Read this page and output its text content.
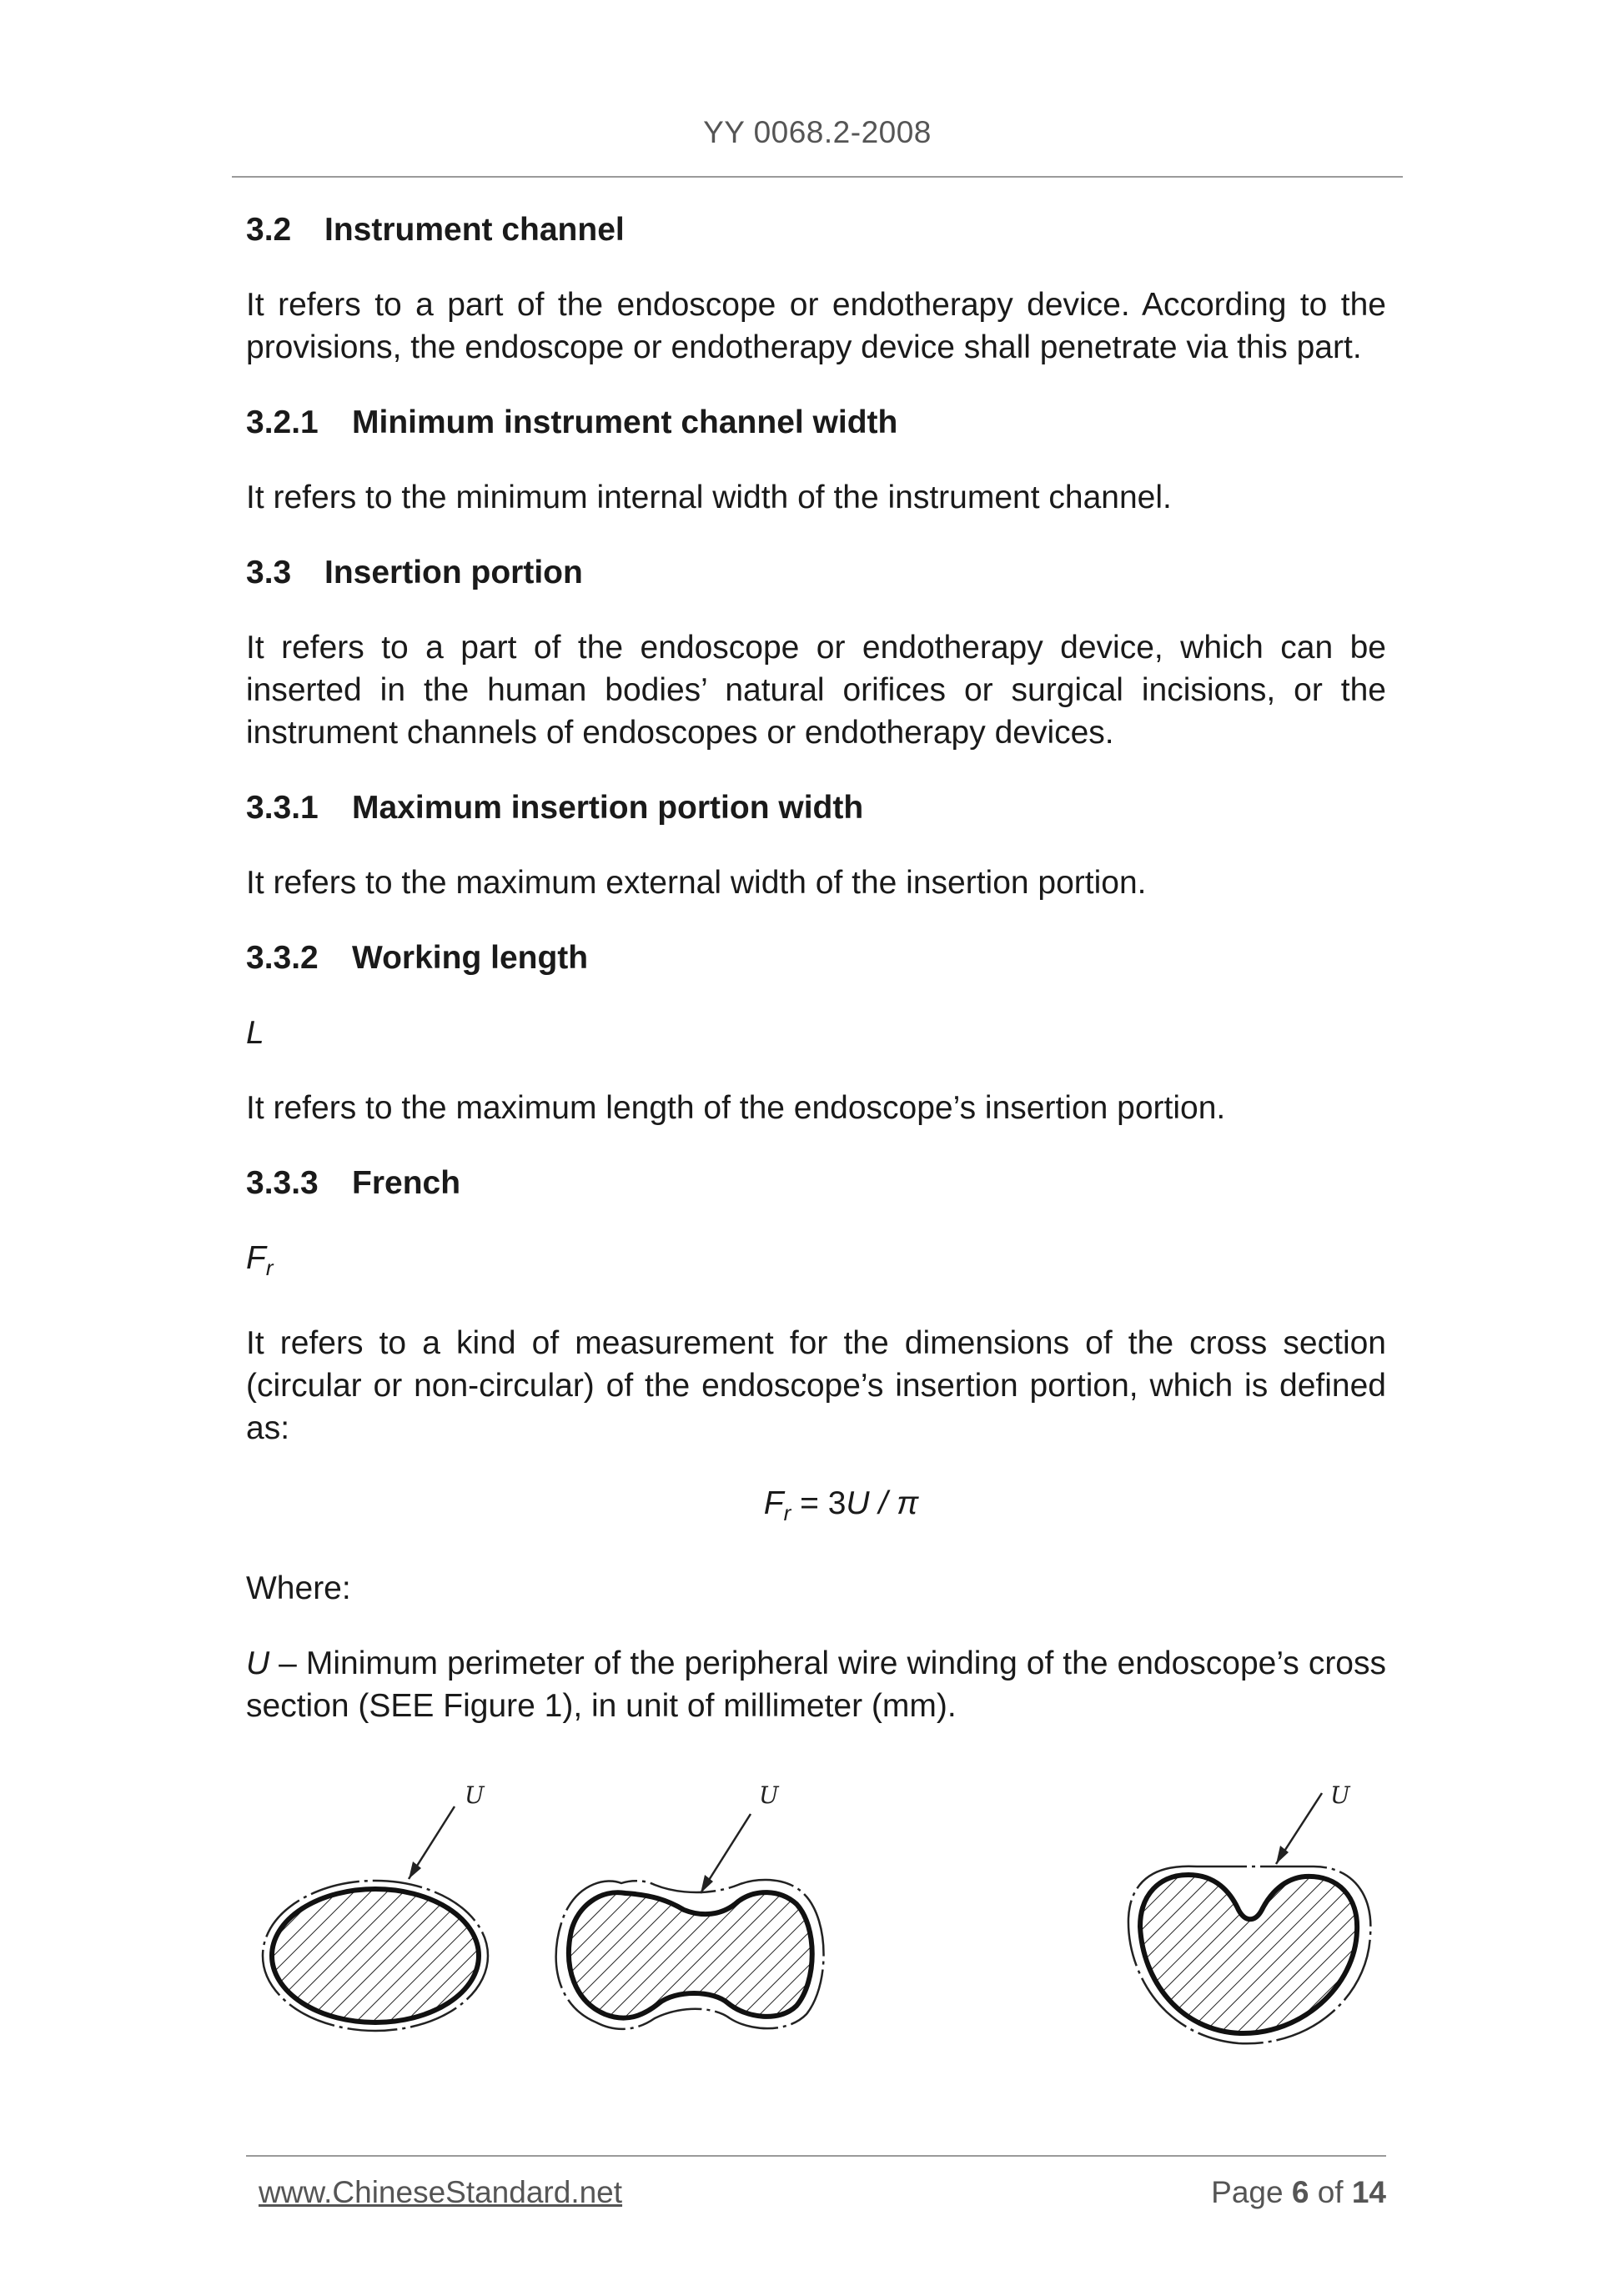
YY 0068.2-2008
3.2 Instrument channel

It refers to a part of the endoscope or endotherapy device. According to the provisions, the endoscope or endotherapy device shall penetrate via this part.

3.2.1 Minimum instrument channel width

It refers to the minimum internal width of the instrument channel.

3.3 Insertion portion

It refers to a part of the endoscope or endotherapy device, which can be inserted in the human bodies’ natural orifices or surgical incisions, or the instrument channels of endoscopes or endotherapy devices.

3.3.1 Maximum insertion portion width

It refers to the maximum external width of the insertion portion.

3.3.2 Working length

L

It refers to the maximum length of the endoscope’s insertion portion.

3.3.3 French

$F_r$

It refers to a kind of measurement for the dimensions of the cross section (circular or non-circular) of the endoscope’s insertion portion, which is defined as:

$F_r = 3U / \pi$

Where:

U – Minimum perimeter of the peripheral wire winding of the endoscope’s cross section (SEE Figure 1), in unit of millimeter (mm).

U	U	U
www.ChineseStandard.net	Page 6 of 14
